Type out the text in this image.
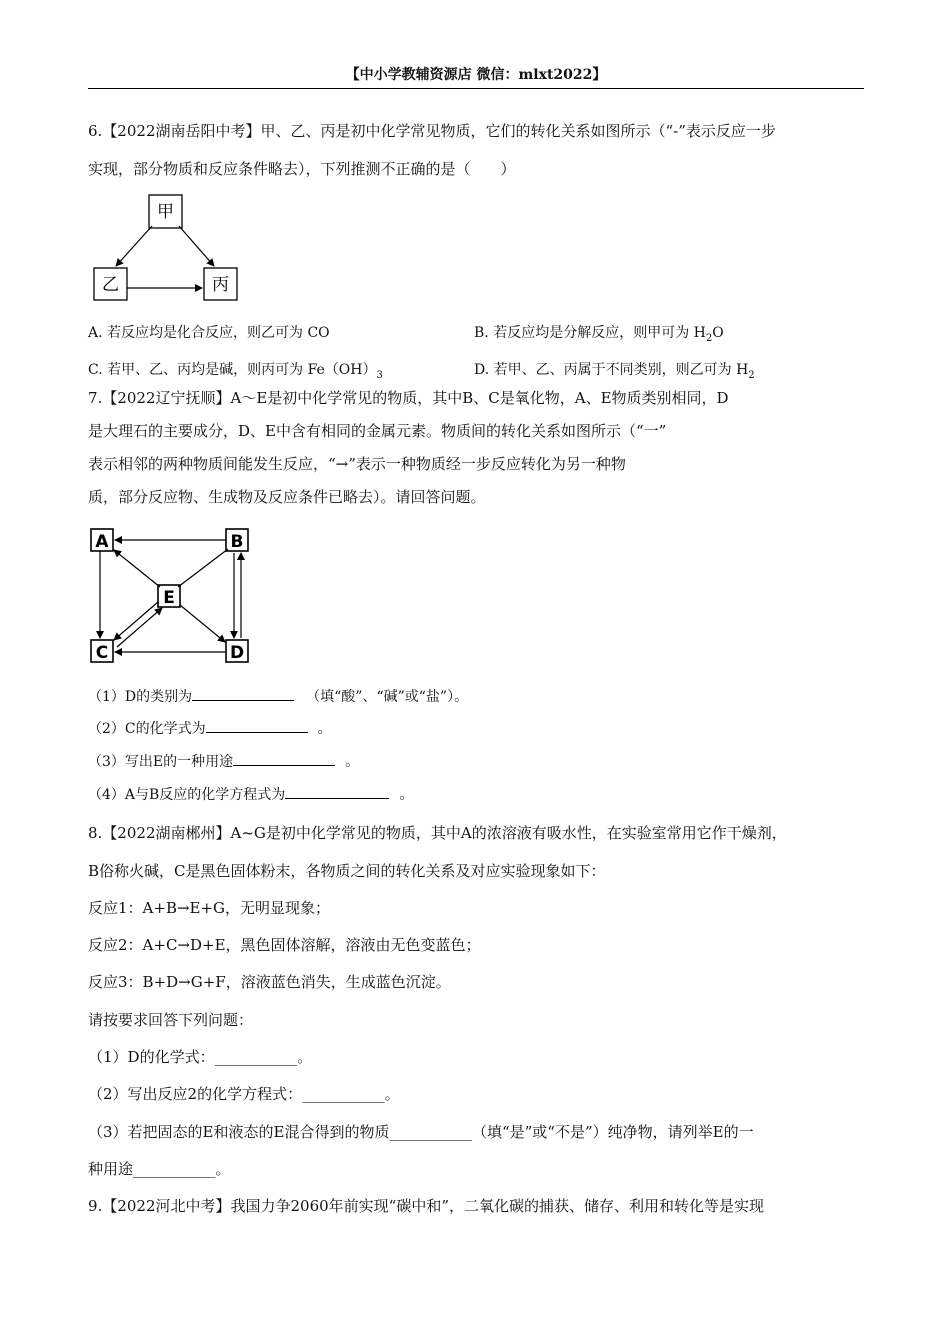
【中小学教辅资源店 微信：mlxt2022】
6.【2022湖南岳阳中考】甲、乙、丙是初中化学常见物质，它们的转化关系如图所示（“-”表示反应一步
实现，部分物质和反应条件略去），下列推测不正确的是（　　）
甲
乙	丙
A. 若反应均是化合反应，则乙可为 CO	B. 若反应均是分解反应，则甲可为 $H_2O$
C. 若甲、乙、丙均是碱，则丙可为 $Fe(OH)_3$	D. 若甲、乙、丙属于不同类别，则乙可为 $H_2$
7.【2022辽宁抚顺】A～E是初中化学常见的物质，其中B、C是氧化物，A、E物质类别相同，D
是大理石的主要成分，D、E中含有相同的金属元素。物质间的转化关系如图所示（“一”
表示相邻的两种物质间能发生反应，“→”表示一种物质经一步反应转化为另一种物
质，部分反应物、生成物及反应条件已略去）。请回答问题。
A	B
C	D
E
（1）D的类别为	（填“酸”、“碱”或“盐”）。
（2）C的化学式为	。
（3）写出E的一种用途	。
（4）A与B反应的化学方程式为	。
8.【2022湖南郴州】A~G是初中化学常见的物质，其中A的浓溶液有吸水性，在实验室常用它作干燥剂，
B俗称火碱，C是黑色固体粉末，各物质之间的转化关系及对应实验现象如下：
反应1：A+B→E+G，无明显现象；
反应2：A+C→D+E，黑色固体溶解，溶液由无色变蓝色；
反应3：B+D→G+F，溶液蓝色消失，生成蓝色沉淀。
请按要求回答下列问题：
（1）D的化学式：___________。
（2）写出反应2的化学方程式：___________。
（3）若把固态的E和液态的E混合得到的物质___________（填“是”或“不是”）纯净物，请列举E的一
种用途___________。
9.【2022河北中考】我国力争2060年前实现“碳中和”，二氧化碳的捕获、储存、利用和转化等是实现
